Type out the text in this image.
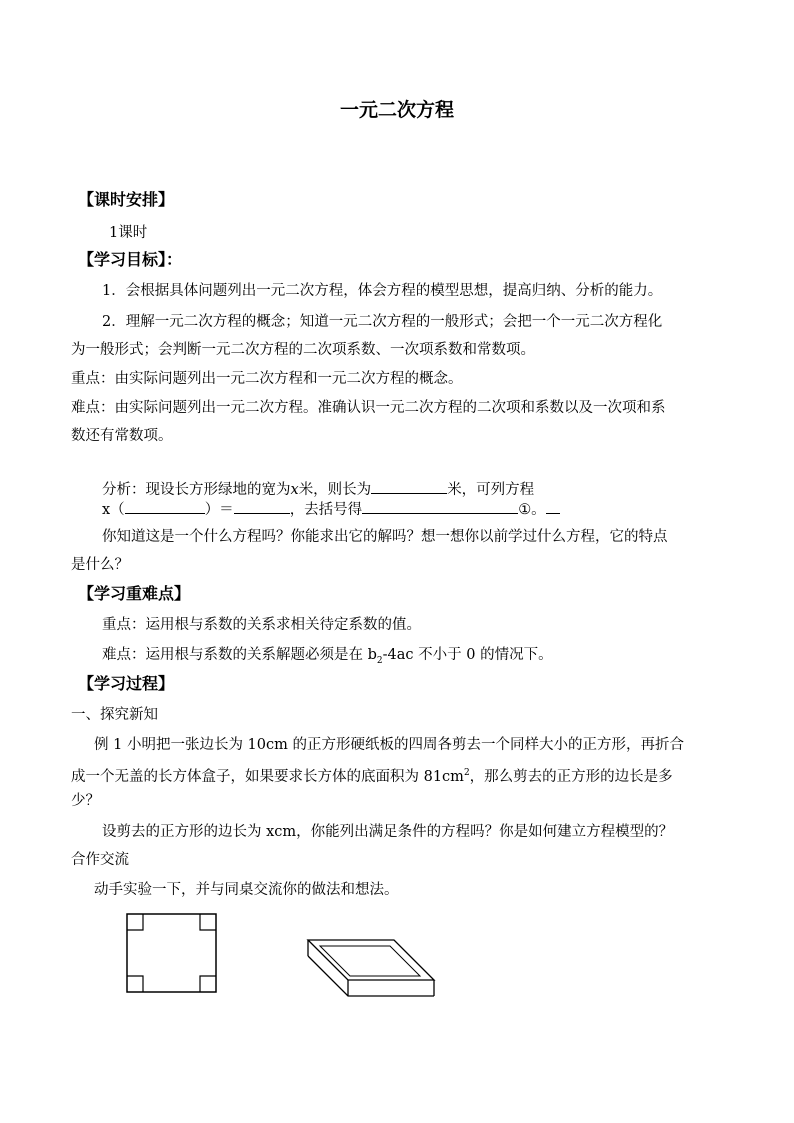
一元二次方程
【课时安排】
1课时
【学习目标】：
1．会根据具体问题列出一元二次方程，体会方程的模型思想，提高归纳、分析的能力。
2．理解一元二次方程的概念；知道一元二次方程的一般形式；会把一个一元二次方程化
为一般形式；会判断一元二次方程的二次项系数、一次项系数和常数项。
重点：由实际问题列出一元二次方程和一元二次方程的概念。
难点：由实际问题列出一元二次方程。准确认识一元二次方程的二次项和系数以及一次项和系
数还有常数项。
分析：现设长方形绿地的宽为x米，则长为	米，可列方程
x（	）＝	，去括号得	①。
你知道这是一个什么方程吗？你能求出它的解吗？想一想你以前学过什么方程，它的特点
是什么？
【学习重难点】
重点：运用根与系数的关系求相关待定系数的值。
难点：运用根与系数的关系解题必须是在 $b_2-4ac$ 不小于 0 的情况下。
【学习过程】
一、探究新知
例 1 小明把一张边长为 10cm 的正方形硬纸板的四周各剪去一个同样大小的正方形，再折合
成一个无盖的长方体盒子，如果要求长方体的底面积为 $81cm^2$，那么剪去的正方形的边长是多
少？
设剪去的正方形的边长为 xcm，你能列出满足条件的方程吗？你是如何建立方程模型的？
合作交流
动手实验一下，并与同桌交流你的做法和想法。
